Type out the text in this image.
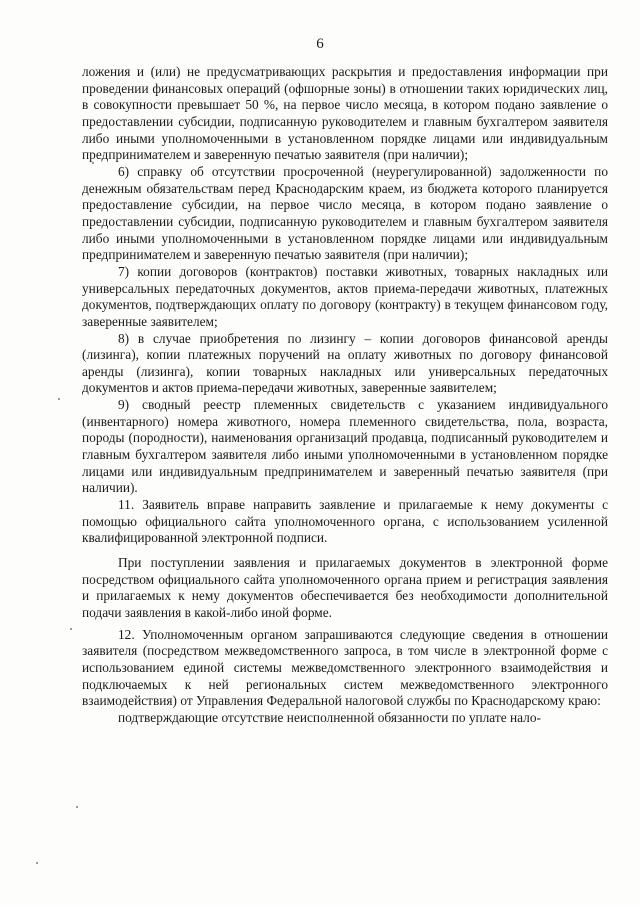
6

ложения и (или) не предусматривающих раскрытия и предоставления информации при проведении финансовых операций (офшорные зоны) в отношении таких юридических лиц, в совокупности превышает 50 %, на первое число месяца, в котором подано заявление о предоставлении субсидии, подписанную руководителем и главным бухгалтером заявителя либо иными уполномоченными в установленном порядке лицами или индивидуальным предпринимателем и заверенную печатью заявителя (при наличии);

6) справку об отсутствии просроченной (неурегулированной) задолженности по денежным обязательствам перед Краснодарским краем, из бюджета которого планируется предоставление субсидии, на первое число месяца, в котором подано заявление о предоставлении субсидии, подписанную руководителем и главным бухгалтером заявителя либо иными уполномоченными в установленном порядке лицами или индивидуальным предпринимателем и заверенную печатью заявителя (при наличии);

7) копии договоров (контрактов) поставки животных, товарных накладных или универсальных передаточных документов, актов приема-передачи животных, платежных документов, подтверждающих оплату по договору (контракту) в текущем финансовом году, заверенные заявителем;

8) в случае приобретения по лизингу – копии договоров финансовой аренды (лизинга), копии платежных поручений на оплату животных по договору финансовой аренды (лизинга), копии товарных накладных или универсальных передаточных документов и актов приема-передачи животных, заверенные заявителем;

9) сводный реестр племенных свидетельств с указанием индивидуального (инвентарного) номера животного, номера племенного свидетельства, пола, возраста, породы (породности), наименования организаций продавца, подписанный руководителем и главным бухгалтером заявителя либо иными уполномоченными в установленном порядке лицами или индивидуальным предпринимателем и заверенный печатью заявителя (при наличии).

11. Заявитель вправе направить заявление и прилагаемые к нему документы с помощью официального сайта уполномоченного органа, с использованием усиленной квалифицированной электронной подписи.

При поступлении заявления и прилагаемых документов в электронной форме посредством официального сайта уполномоченного органа прием и регистрация заявления и прилагаемых к нему документов обеспечивается без необходимости дополнительной подачи заявления в какой-либо иной форме.

12. Уполномоченным органом запрашиваются следующие сведения в отношении заявителя (посредством межведомственного запроса, в том числе в электронной форме с использованием единой системы межведомственного электронного взаимодействия и подключаемых к ней региональных систем межведомственного электронного взаимодействия) от Управления Федеральной налоговой службы по Краснодарскому краю:

подтверждающие отсутствие неисполненной обязанности по уплате нало-
